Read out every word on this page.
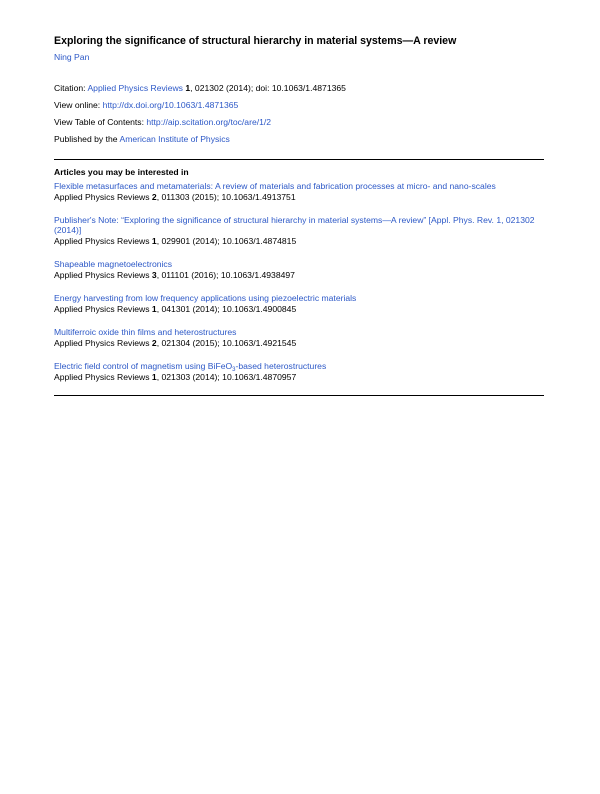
Exploring the significance of structural hierarchy in material systems—A review
Ning Pan
Citation: Applied Physics Reviews 1, 021302 (2014); doi: 10.1063/1.4871365
View online: http://dx.doi.org/10.1063/1.4871365
View Table of Contents: http://aip.scitation.org/toc/are/1/2
Published by the American Institute of Physics
Articles you may be interested in
Flexible metasurfaces and metamaterials: A review of materials and fabrication processes at micro- and nano-scales
Applied Physics Reviews 2, 011303 (2015); 10.1063/1.4913751
Publisher's Note: “Exploring the significance of structural hierarchy in material systems—A review” [Appl. Phys. Rev. 1, 021302 (2014)]
Applied Physics Reviews 1, 029901 (2014); 10.1063/1.4874815
Shapeable magnetoelectronics
Applied Physics Reviews 3, 011101 (2016); 10.1063/1.4938497
Energy harvesting from low frequency applications using piezoelectric materials
Applied Physics Reviews 1, 041301 (2014); 10.1063/1.4900845
Multiferroic oxide thin films and heterostructures
Applied Physics Reviews 2, 021304 (2015); 10.1063/1.4921545
Electric field control of magnetism using BiFeO$_3$-based heterostructures
Applied Physics Reviews 1, 021303 (2014); 10.1063/1.4870957
